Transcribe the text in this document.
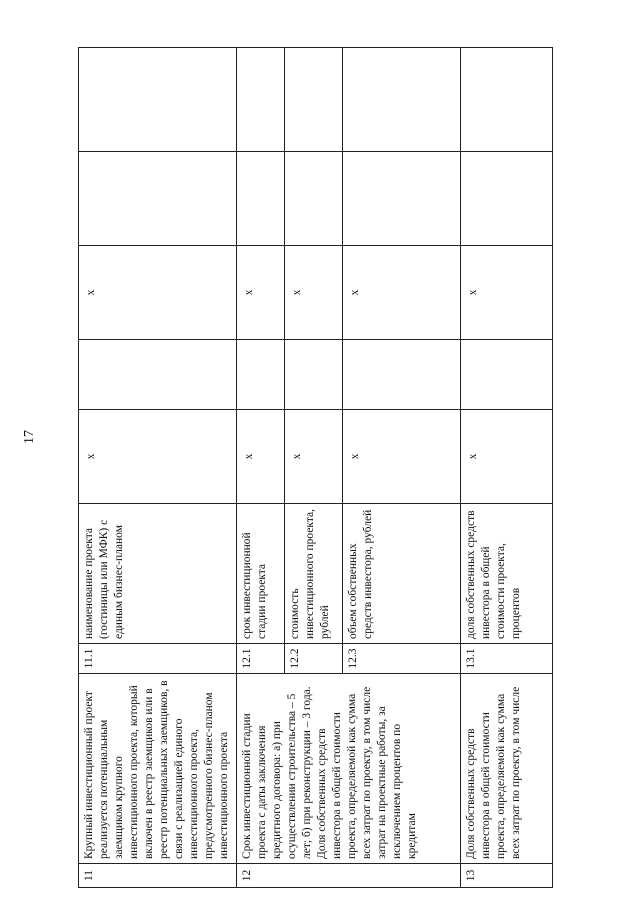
17
11	Крупный инвестиционный проект реализуется потенциальным заемщиком крупного инвестиционного проекта, который включен в реестр заемщиков или в реестр потенциальных заемщиков, в связи с реализацией единого инвестиционного проекта, предусмотренного бизнес-планом инвестиционного проекта	11.1	наименование проекта (гостиницы или МФК) с единым бизнес-планом	x		x		
12	Срок инвестиционной стадии проекта с даты заключения кредитного договора: а) при осуществлении строительства – 5 лет; б) при реконструкции – 3 года. Доля собственных средств инвестора в общей стоимости проекта, определяемой как сумма всех затрат по проекту, в том числе затрат на проектные работы, за исключением процентов по кредитам	12.1	срок инвестиционной стадии проекта	x		x		
		12.2	стоимость инвестиционного проекта, рублей	x		x		
		12.3	объем собственных средств инвестора, рублей	x		x		
13	Доля собственных средств инвестора в общей стоимости проекта, определяемой как сумма всех затрат по проекту, в том числе	13.1	доля собственных средств инвестора в общей стоимости проекта, процентов	x		x		
